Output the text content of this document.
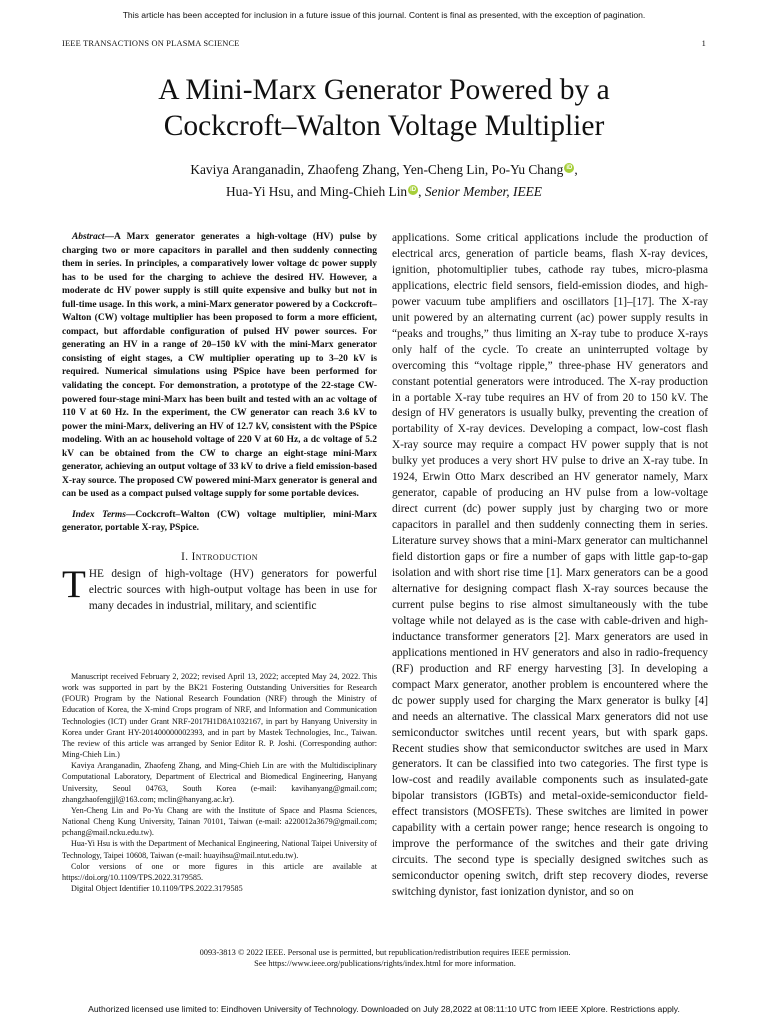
This article has been accepted for inclusion in a future issue of this journal. Content is final as presented, with the exception of pagination.
IEEE TRANSACTIONS ON PLASMA SCIENCE	1
A Mini-Marx Generator Powered by a
Cockcroft–Walton Voltage Multiplier
Kaviya Aranganadin, Zhaofeng Zhang, Yen-Cheng Lin, Po-Yu Chang iD ,
Hua-Yi Hsu, and Ming-Chieh Lin iD , Senior Member, IEEE

Abstract—A Marx generator generates a high-voltage (HV) pulse by charging two or more capacitors in parallel and then suddenly connecting them in series. In principles, a comparatively lower voltage dc power supply has to be used for the charging to achieve the desired HV. However, a moderate dc HV power supply is still quite expensive and bulky but not in full-time usage. In this work, a mini-Marx generator powered by a Cockcroft–Walton (CW) voltage multiplier has been proposed to form a more efficient, compact, but affordable configuration of pulsed HV power sources. For generating an HV in a range of 20–150 kV with the mini-Marx generator consisting of eight stages, a CW multiplier operating up to 3–20 kV is required. Numerical simulations using PSpice have been performed for validating the concept. For demonstration, a prototype of the 22-stage CW-powered four-stage mini-Marx has been built and tested with an ac voltage of 110 V at 60 Hz. In the experiment, the CW generator can reach 3.6 kV to power the mini-Marx, delivering an HV of 12.7 kV, consistent with the PSpice modeling. With an ac household voltage of 220 V at 60 Hz, a dc voltage of 5.2 kV can be obtained from the CW to charge an eight-stage mini-Marx generator, achieving an output voltage of 33 kV to drive a field emission-based X-ray source. The proposed CW powered mini-Marx generator is general and can be used as a compact pulsed voltage supply for some portable devices.

Index Terms—Cockcroft–Walton (CW) voltage multiplier, mini-Marx generator, portable X-ray, PSpice.

I. Introduction

THE design of high-voltage (HV) generators for powerful electric sources with high-output voltage has been in use for many decades in industrial, military, and scientific

Manuscript received February 2, 2022; revised April 13, 2022; accepted May 24, 2022. This work was supported in part by the BK21 Fostering Outstanding Universities for Research (FOUR) Program by the National Research Foundation (NRF) through the Ministry of Education of Korea, the X-mind Crops program of NRF, and Information and Communication Technologies (ICT) under Grant NRF-2017H1D8A1032167, in part by Hanyang University in Korea under Grant HY-201400000002393, and in part by Mastek Technologies, Inc., Taiwan. The review of this article was arranged by Senior Editor R. P. Joshi. (Corresponding author: Ming-Chieh Lin.)

Kaviya Aranganadin, Zhaofeng Zhang, and Ming-Chieh Lin are with the Multidisciplinary Computational Laboratory, Department of Electrical and Biomedical Engineering, Hanyang University, Seoul 04763, South Korea (e-mail: kavihanyang@gmail.com; zhangzhaofengjjl@163.com; mclin@hanyang.ac.kr).

Yen-Cheng Lin and Po-Yu Chang are with the Institute of Space and Plasma Sciences, National Cheng Kung University, Tainan 70101, Taiwan (e-mail: a220012a3679@gmail.com; pchang@mail.ncku.edu.tw).

Hua-Yi Hsu is with the Department of Mechanical Engineering, National Taipei University of Technology, Taipei 10608, Taiwan (e-mail: huayihsu@mail.ntut.edu.tw).

Color versions of one or more figures in this article are available at https://doi.org/10.1109/TPS.2022.3179585.

Digital Object Identifier 10.1109/TPS.2022.3179585

applications. Some critical applications include the production of electrical arcs, generation of particle beams, flash X-ray devices, ignition, photomultiplier tubes, cathode ray tubes, micro-plasma applications, electric field sensors, field-emission diodes, and high-power vacuum tube amplifiers and oscillators [1]–[17]. The X-ray unit powered by an alternating current (ac) power supply results in “peaks and troughs,” thus limiting an X-ray tube to produce X-rays only half of the cycle. To create an uninterrupted voltage by overcoming this “voltage ripple,” three-phase HV generators and constant potential generators were introduced. The X-ray production in a portable X-ray tube requires an HV of from 20 to 150 kV. The design of HV generators is usually bulky, preventing the creation of portability of X-ray devices. Developing a compact, low-cost flash X-ray source may require a compact HV power supply that is not bulky yet produces a very short HV pulse to drive an X-ray tube. In 1924, Erwin Otto Marx described an HV generator namely, Marx generator, capable of producing an HV pulse from a low-voltage direct current (dc) power supply just by charging two or more capacitors in parallel and then suddenly connecting them in series. Literature survey shows that a mini-Marx generator can multichannel field distortion gaps or fire a number of gaps with little gap-to-gap isolation and with short rise time [1]. Marx generators can be a good alternative for designing compact flash X-ray sources because the current pulse begins to rise almost simultaneously with the tube voltage while not delayed as is the case with cable-driven and high-inductance transformer generators [2]. Marx generators are used in applications mentioned in HV generators and also in radio-frequency (RF) production and RF energy harvesting [3]. In developing a compact Marx generator, another problem is encountered where the dc power supply used for charging the Marx generator is bulky [4] and needs an alternative. The classical Marx generators did not use semiconductor switches until recent years, but with spark gaps. Recent studies show that semiconductor switches are used in Marx generators. It can be classified into two categories. The first type is low-cost and readily available components such as insulated-gate bipolar transistors (IGBTs) and metal-oxide-semiconductor field-effect transistors (MOSFETs). These switches are limited in power capability with a certain power range; hence research is ongoing to improve the performance of the switches and their gate driving circuits. The second type is specially designed switches such as semiconductor opening switch, drift step recovery diodes, reverse switching dynistor, fast ionization dynistor, and so on

0093-3813 © 2022 IEEE. Personal use is permitted, but republication/redistribution requires IEEE permission.
See https://www.ieee.org/publications/rights/index.html for more information.
Authorized licensed use limited to: Eindhoven University of Technology. Downloaded on July 28,2022 at 08:11:10 UTC from IEEE Xplore. Restrictions apply.
